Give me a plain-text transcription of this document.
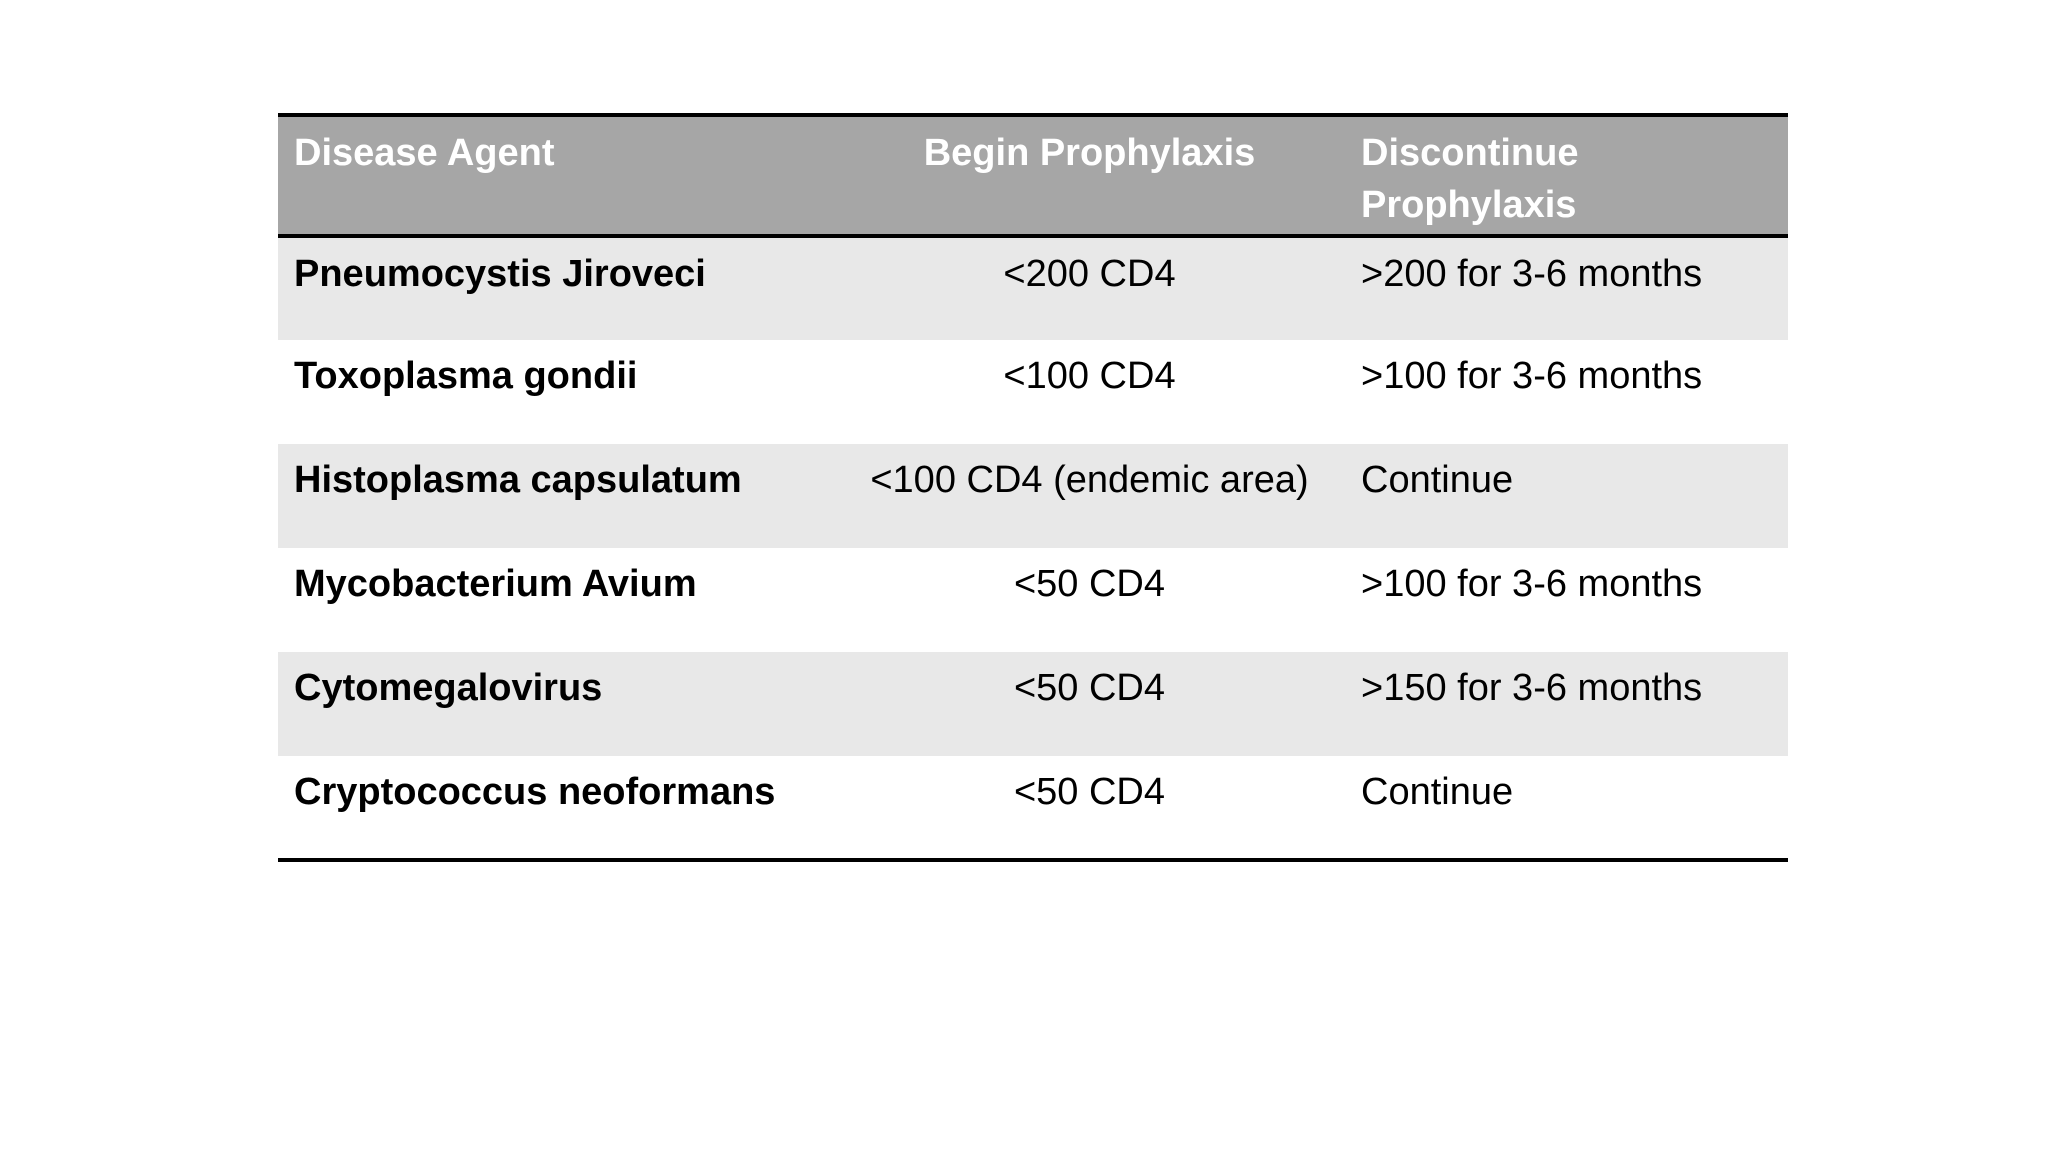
Disease Agent	Begin Prophylaxis	Discontinue
Prophylaxis
Pneumocystis Jiroveci	<200 CD4	>200 for 3-6 months
Toxoplasma gondii	<100 CD4	>100 for 3-6 months
Histoplasma capsulatum	<100 CD4 (endemic area)	Continue
Mycobacterium Avium	<50 CD4	>100 for 3-6 months
Cytomegalovirus	<50 CD4	>150 for 3-6 months
Cryptococcus neoformans	<50 CD4	Continue
